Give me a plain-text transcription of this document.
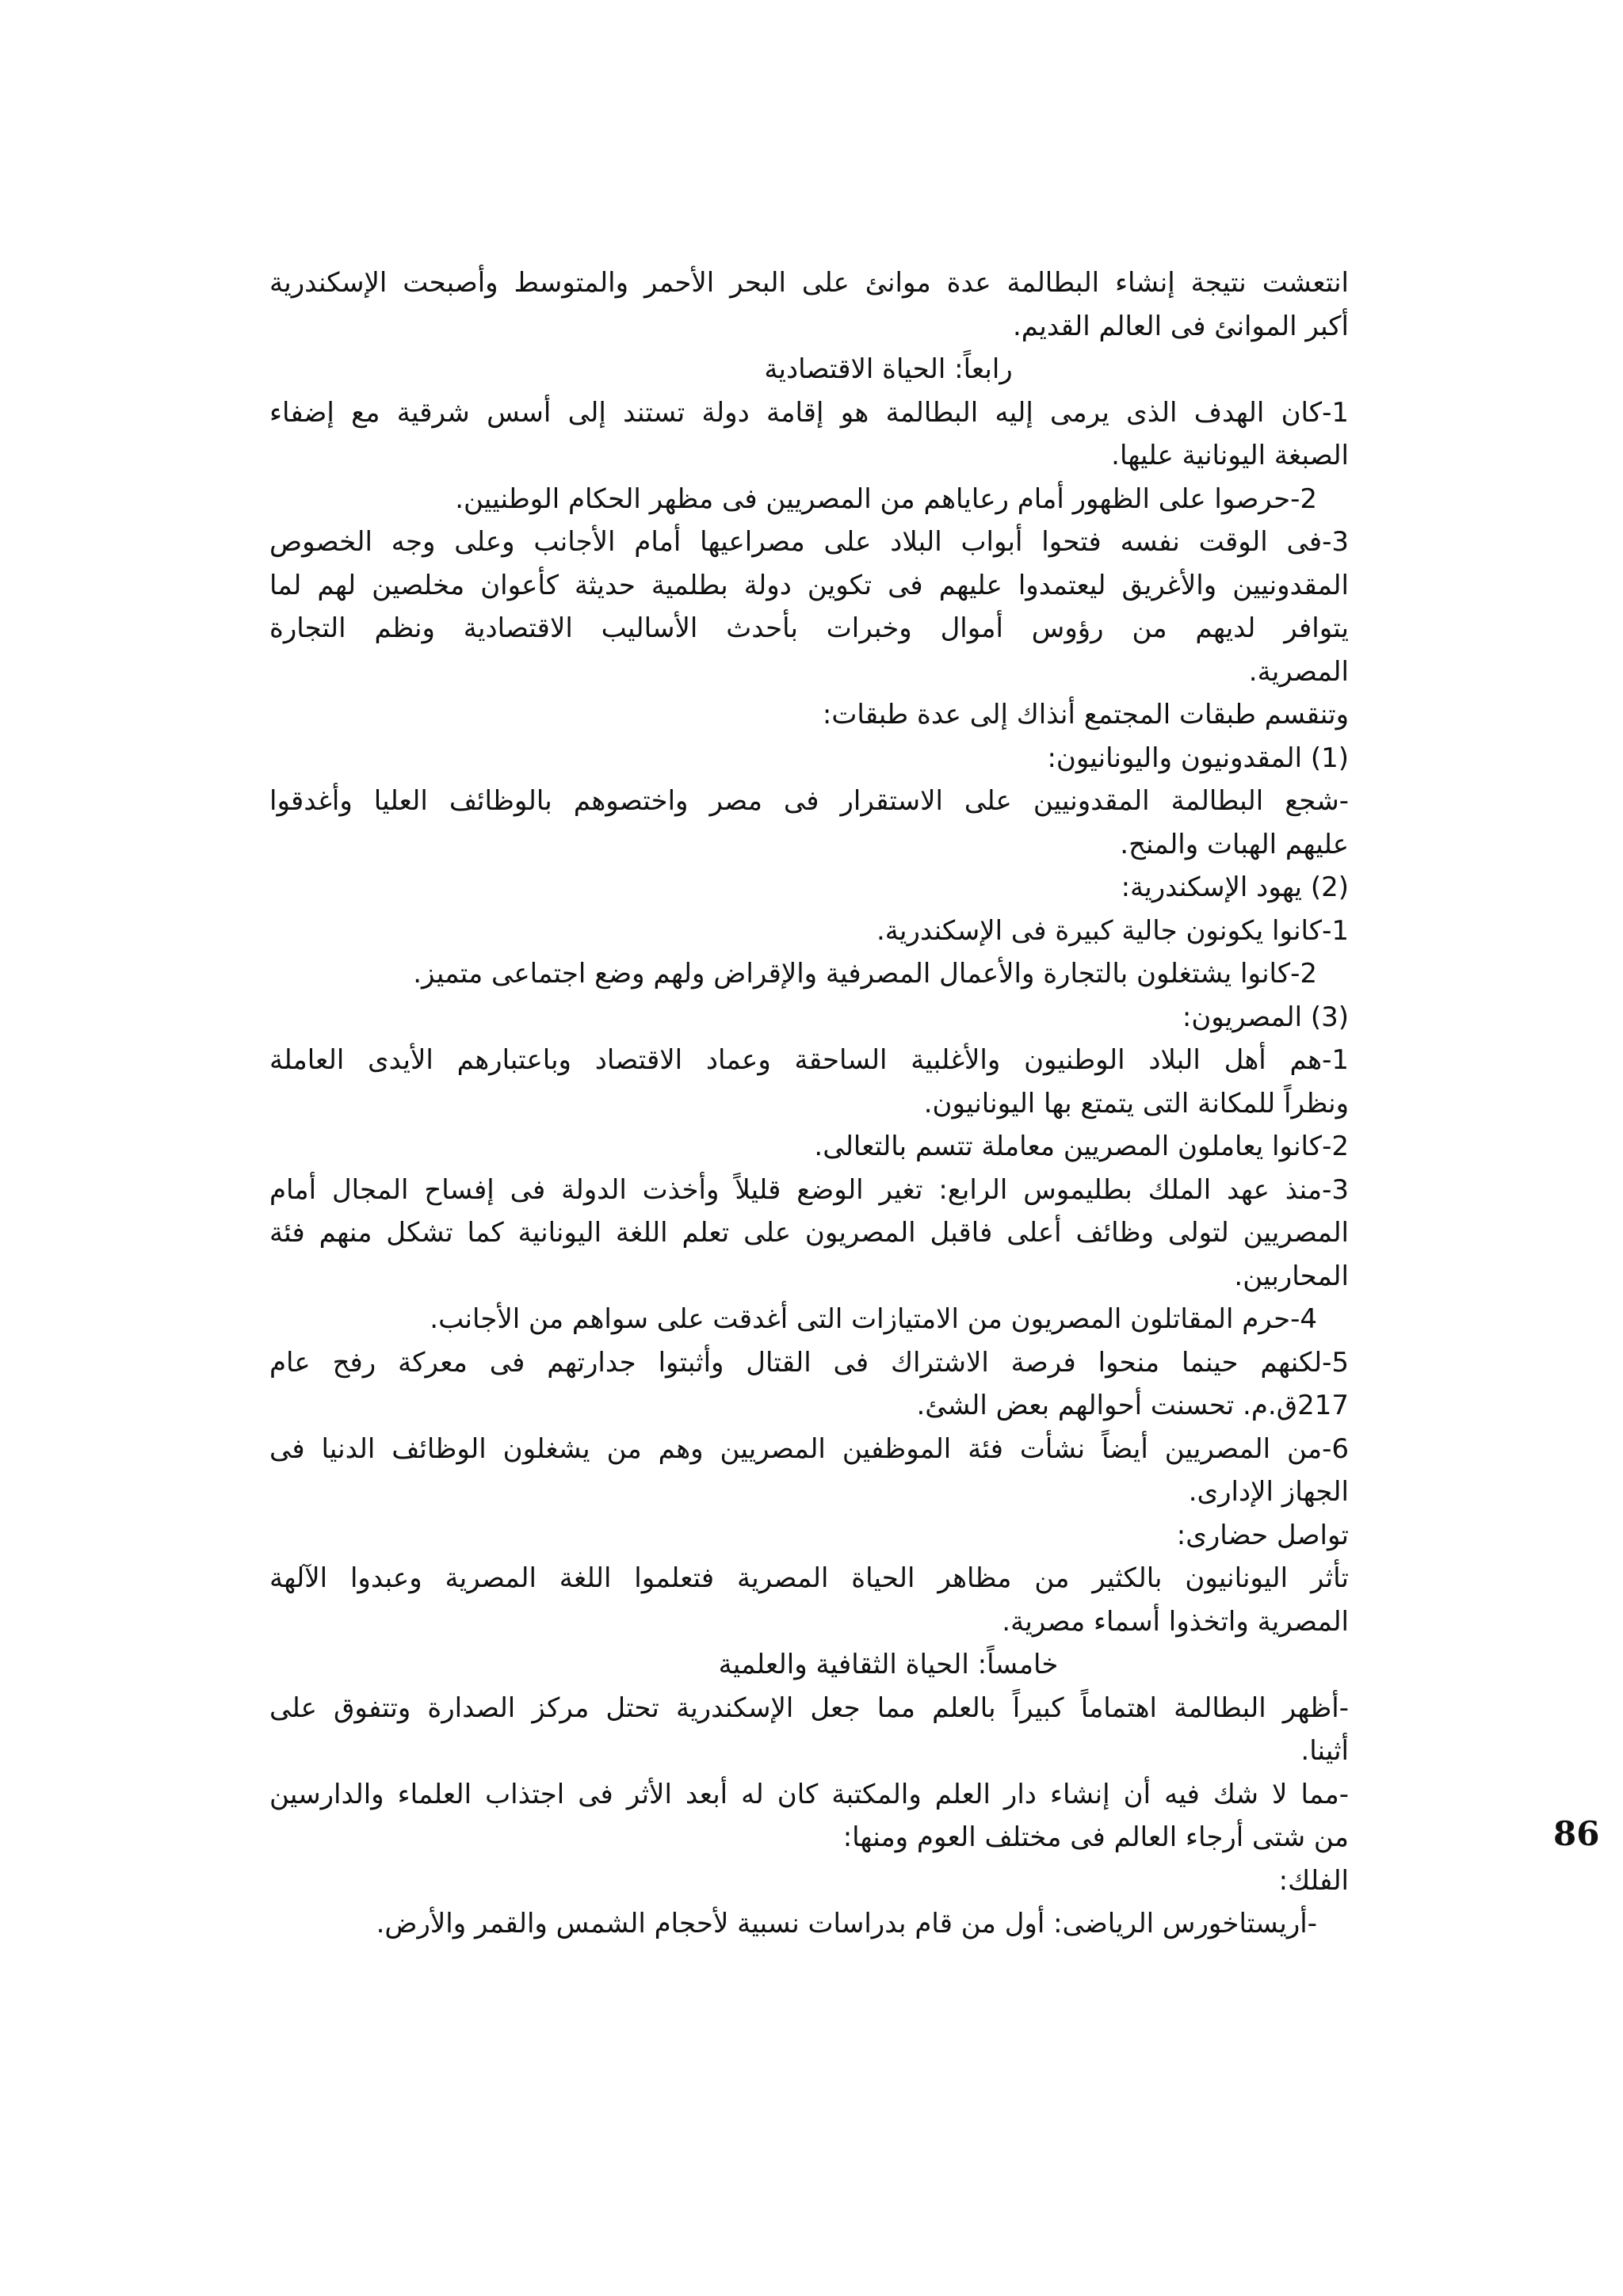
انتعشت نتيجة إنشاء البطالمة عدة موانئ على البحر الأحمر والمتوسط وأصبحت الإسكندرية
أكبر الموانئ فى العالم القديم.
رابعاً: الحياة الاقتصادية
1-كان الهدف الذى يرمى إليه البطالمة هو إقامة دولة تستند إلى أسس شرقية مع إضفاء
الصبغة اليونانية عليها.
2-حرصوا على الظهور أمام رعاياهم من المصريين فى مظهر الحكام الوطنيين.
3-فى الوقت نفسه فتحوا أبواب البلاد على مصراعيها أمام الأجانب وعلى وجه الخصوص
المقدونيين والأغريق ليعتمدوا عليهم فى تكوين دولة بطلمية حديثة كأعوان مخلصين لهم لما
يتوافر لديهم من رؤوس أموال وخبرات بأحدث الأساليب الاقتصادية ونظم التجارة
المصرية.
وتنقسم طبقات المجتمع أنذاك إلى عدة طبقات:
(1) المقدونيون واليونانيون:
-شجع البطالمة المقدونيين على الاستقرار فى مصر واختصوهم بالوظائف العليا وأغدقوا
عليهم الهبات والمنح.
(2) يهود الإسكندرية:
1-كانوا يكونون جالية كبيرة فى الإسكندرية.
2-كانوا يشتغلون بالتجارة والأعمال المصرفية والإقراض ولهم وضع اجتماعى متميز.
(3) المصريون:
1-هم أهل البلاد الوطنيون والأغلبية الساحقة وعماد الاقتصاد وباعتبارهم الأيدى العاملة
ونظراً للمكانة التى يتمتع بها اليونانيون.
2-كانوا يعاملون المصريين معاملة تتسم بالتعالى.
3-منذ عهد الملك بطليموس الرابع: تغير الوضع قليلاً وأخذت الدولة فى إفساح المجال أمام
المصريين لتولى وظائف أعلى فاقبل المصريون على تعلم اللغة اليونانية كما تشكل منهم فئة
المحاربين.
4-حرم المقاتلون المصريون من الامتيازات التى أغدقت على سواهم من الأجانب.
5-لكنهم حينما منحوا فرصة الاشتراك فى القتال وأثبتوا جدارتهم فى معركة رفح عام
217ق.م. تحسنت أحوالهم بعض الشئ.
6-من المصريين أيضاً نشأت فئة الموظفين المصريين وهم من يشغلون الوظائف الدنيا فى
الجهاز الإدارى.
تواصل حضارى:
تأثر اليونانيون بالكثير من مظاهر الحياة المصرية فتعلموا اللغة المصرية وعبدوا الآلهة
المصرية واتخذوا أسماء مصرية.
خامساً: الحياة الثقافية والعلمية
-أظهر البطالمة اهتماماً كبيراً بالعلم مما جعل الإسكندرية تحتل مركز الصدارة وتتفوق على
أثينا.
-مما لا شك فيه أن إنشاء دار العلم والمكتبة كان له أبعد الأثر فى اجتذاب العلماء والدارسين
من شتى أرجاء العالم فى مختلف العوم ومنها:
الفلك:
-أريستاخورس الرياضى: أول من قام بدراسات نسبية لأحجام الشمس والقمر والأرض.
86
